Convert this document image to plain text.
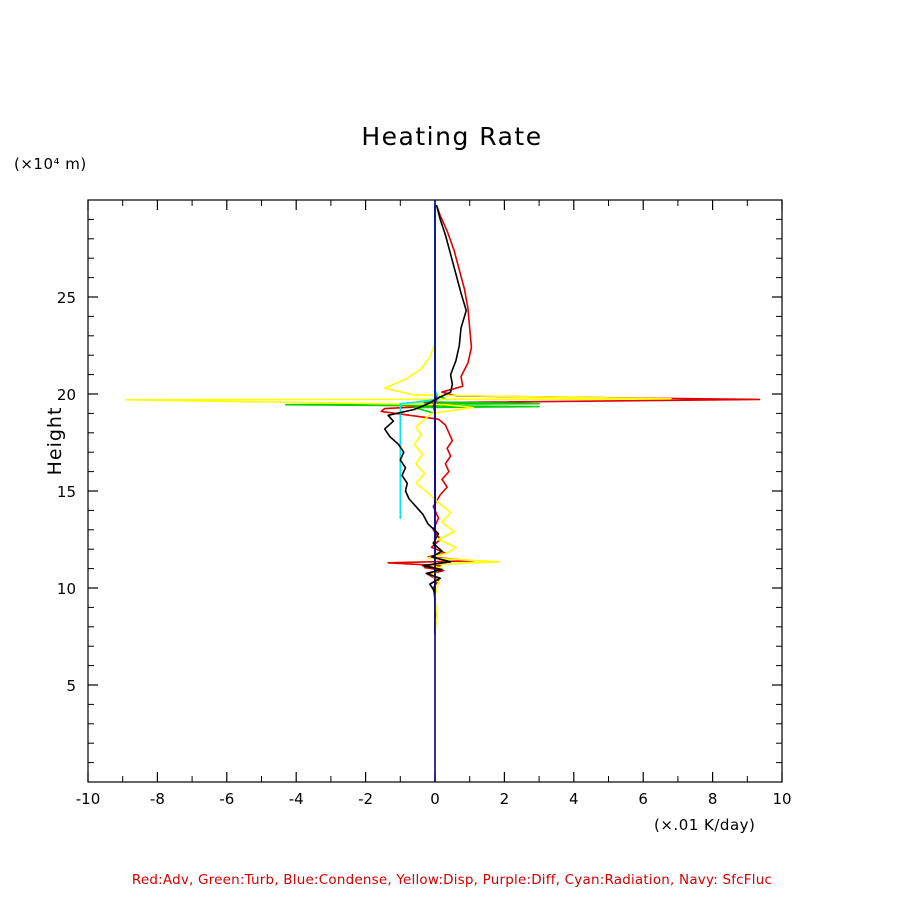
Heating Rate
(×10⁴ m)
Height
(×.01 K/day)
Red:Adv, Green:Turb, Blue:Condense, Yellow:Disp, Purple:Diff, Cyan:Radiation, Navy: SfcFluc
-10	-8	-6	-4	-2	0	2	4	6	8	10
5
10
15
20
25
